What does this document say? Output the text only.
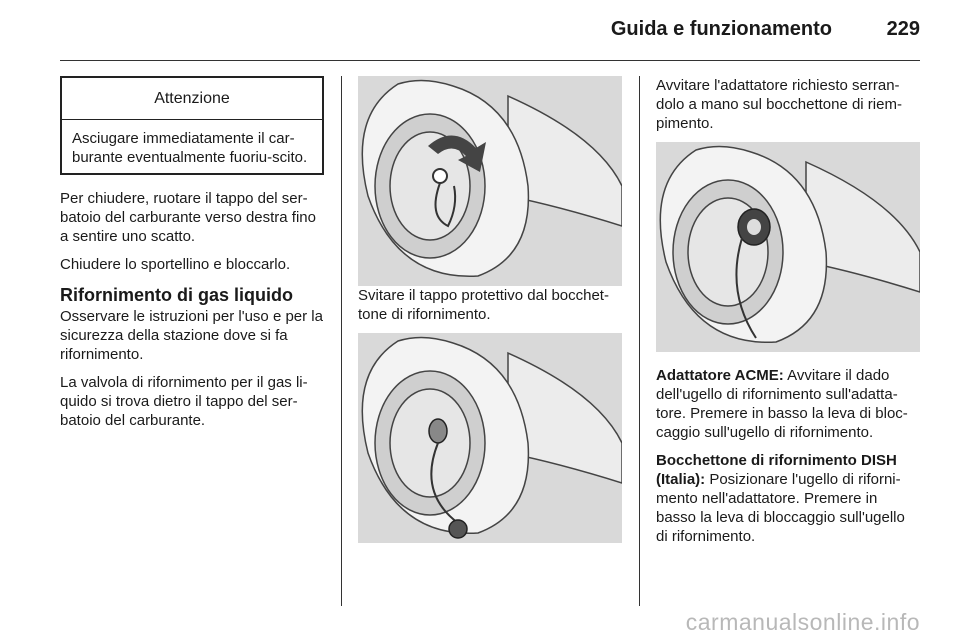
Guida e funzionamento	229
Attenzione
Asciugare immediatamente il car-burante eventualmente fuoriu-scito.

Per chiudere, ruotare il tappo del ser-batoio del carburante verso destra fino a sentire uno scatto.

Chiudere lo sportellino e bloccarlo.

Rifornimento di gas liquido

Osservare le istruzioni per l'uso e per la sicurezza della stazione dove si fa rifornimento.

La valvola di rifornimento per il gas li-quido si trova dietro il tappo del ser-batoio del carburante.

Svitare il tappo protettivo dal bocchet-tone di rifornimento.

Avvitare l'adattatore richiesto serran-dolo a mano sul bocchettone di riem-pimento.

Adattatore ACME: Avvitare il dado dell'ugello di rifornimento sull'adatta-tore. Premere in basso la leva di bloc-caggio sull'ugello di rifornimento.

Bocchettone di rifornimento DISH (Italia): Posizionare l'ugello di riforni-mento nell'adattatore. Premere in basso la leva di bloccaggio sull'ugello di rifornimento.

carmanualsonline.info
